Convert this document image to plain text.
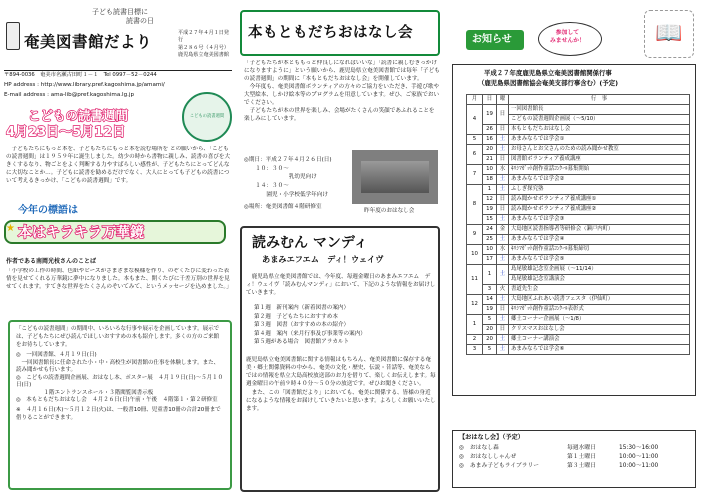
子ども読書目標に
読書の日
奄美図書館だより	平成２７年４月１日発行
第２８６号（４月号）
鹿児島県立奄美図書館
〒894-0036　奄美市名瀬古田町１－１　Tel 0997－52－0244
HP address : http://www.library.pref.kagoshima.jp/amami/
E-mail address : ama-lib@pref.kagoshima.lg.jp
こどもの読書週間
4月23日～5月12日
こどもの読書週間
子どもたちにもっと本を、子どもたちにもっと本を読む場所を との願いから、「こどもの読書週間」は１９５９年に誕生しました。幼少の時から書物に親しみ、読書の喜びを大きくするなり、物ごとをよく判断する力やすばらしい感性が、子どもたちにとってどんなに大切なことか…。子どもに読書を勧めるだけでなく、大人にとっても子どもの読書について考えるきっかけ、「こどもの読書週間」です。
今年の標語は
本はキラキラ万華鏡
★
作者である南岡光枝さんのことば
「小学校の工作の時間、色紙やビーズがさまざまな模様を作り、のぞくたびに変わった表情を見せてくれる万華鏡に夢中になりました。本もまた、開くたびに千差万別の世界を見せてくれます。すてきな世界をたくさんのぞいてみて、というメッセージを込めました。」
「こどもの読書週間」の期間中、いろいろな行事や展示を企画しています。展示では、子どもたちにぜひ読んでほしいおすすめの本も紹介します。多くの方のご来館をお待ちしています。
◎　一回図書館、４月１９日(日)
　一回図書館長に任命された小・中・高校生が図書館の仕事を体験します。また、読み聞かせも行います。
◎　こどもの読書週間企画展、おはなし本、ポスター展　４月１９日(日)～５月１０日(日)
　１階エントランスホール・３階閲覧図書示板
◎　本もともだちおはなし会　４月２６日(日)午前・午後　４階第１・第２研修室
※　４月１６日(木)～５月１２日(火)は、一般書10冊、児童書10冊の合計20冊まで借りることができます。
本もともだちおはなし会
「子どもたちが本とももっと仲良しになればいいな」「読書に親しむきっかけになりますように」という願いから、鹿児島県立奄美図書館では毎年「子どもの読書週間」の期間に「本もともだちおはなし会」を開催しています。
　今年度も、奄美図書館ボランティアの方々のご協力をいただき、手遊び歌や大型絵本、しかけ絵本等のプログラムを用意しています。ぜひ、ご家族でおいでください。
　子どもたちが本の世界を楽しみ、会場がたくさんの笑顔であふれることを楽しみにしています。
◎期日：平成２７年４月２６日(日)
　　１０：３０～
　　　　　　　　乳幼児向け
　　１４：３０～
　　　　園児・小学校低学年向け
◎場所：奄美図書館４階研修室
昨年度のおはなし会
読みむん マンディ
あまみエフエム　ディ！ウェイヴ
　鹿児島県立奄美図書館では、今年度、毎週金曜日のあまみエフエム　ディ！ウェイヴ「読みむんマンディ」において、下記のような情報をお届けしていきます。
第１週　新刊案内（新着図書の案内）
第２週　子どもたちにおすすめ本
第３週　図書（おすすめの本の紹介）
第４週　案内（来月行事及び事業等の案内）
第５週がある場合　図書館アラカルト
鹿児島県立奄美図書館に関する情報はもちろん、奄美図書館に保存する奄美・郷土関係資料の中から、奄美の文化・歴史、伝説・昔話等、奄美ならではの情報を県立大島高校放送部のお力を借りて、楽しくお伝えします。毎週金曜日の午前９時４０分～５０分の放送です。ぜひお聞きください。
　また、この「図書館だより」においても、奄美に関係する、皆様の身近になるような情報をお届けしていきたいと思います。よろしくお願いいたします。
お知らせ
参加して
みませんか！	📖
平成２７年度鹿児島県立奄美図書館関係行事
（鹿児島県図書館協会奄美支部行事含む）(予定)
月	日	曜	行　事
4	19	日	一回図書館長
			こどもの読書週間企画展（～5/10）
	26	日	本もともだちおはなし会
5	16	土	あまみならでは学会①
6	20	土	お母さんとお父さんのための読み聞かせ教室
	21	日	図書館ボランティア養成講座
7	10	水	ｷﾘｼﾏｶﾞｯﾄ創作童話ｺﾝｸｰﾙ募集開始
	18	土	あまみならでは学会②
8	1	土	ふしぎ探究塾
	12	日	読み聞かせボランティア養成講座①
	19	日	読み聞かせボランティア養成講座②
	15	土	あまみならでは学会③
9	24	金	大島地区読書指導者等研修会（瀬戸内町）
	25	土	あまみならでは学会④
10	10	水	ｷﾘｼﾏｶﾞｯﾄ創作童話ｺﾝｸｰﾙ募集締切
	17	土	あまみならでは学会⑤
11	1	土	島尾敏雄記念室企画展（～11/14）
			島尾敏雄記念室講演会
	3	火	書道先生会
12	14	土	大島地区ふれあい読書フェスタ（伊仙町）
	19	日	ｷﾘｼﾏｶﾞｯﾄ創作童話ｺﾝｸｰﾙ表彰式
1	5	土	郷土コーナー企画展（～1/8）
	20	日	クリスマスおはなし会
2	20	土	郷土コーナー講演会
3	5	土	あまみならでは学会⑥
【おはなし会】（予定）
◎　おはなし森	毎週水曜日	15:30～16:00
◎　おはなししゃんぜ	第１土曜日	10:00～11:00
◎　あまみ子どもライブラリー	第３土曜日	10:00～11:00
